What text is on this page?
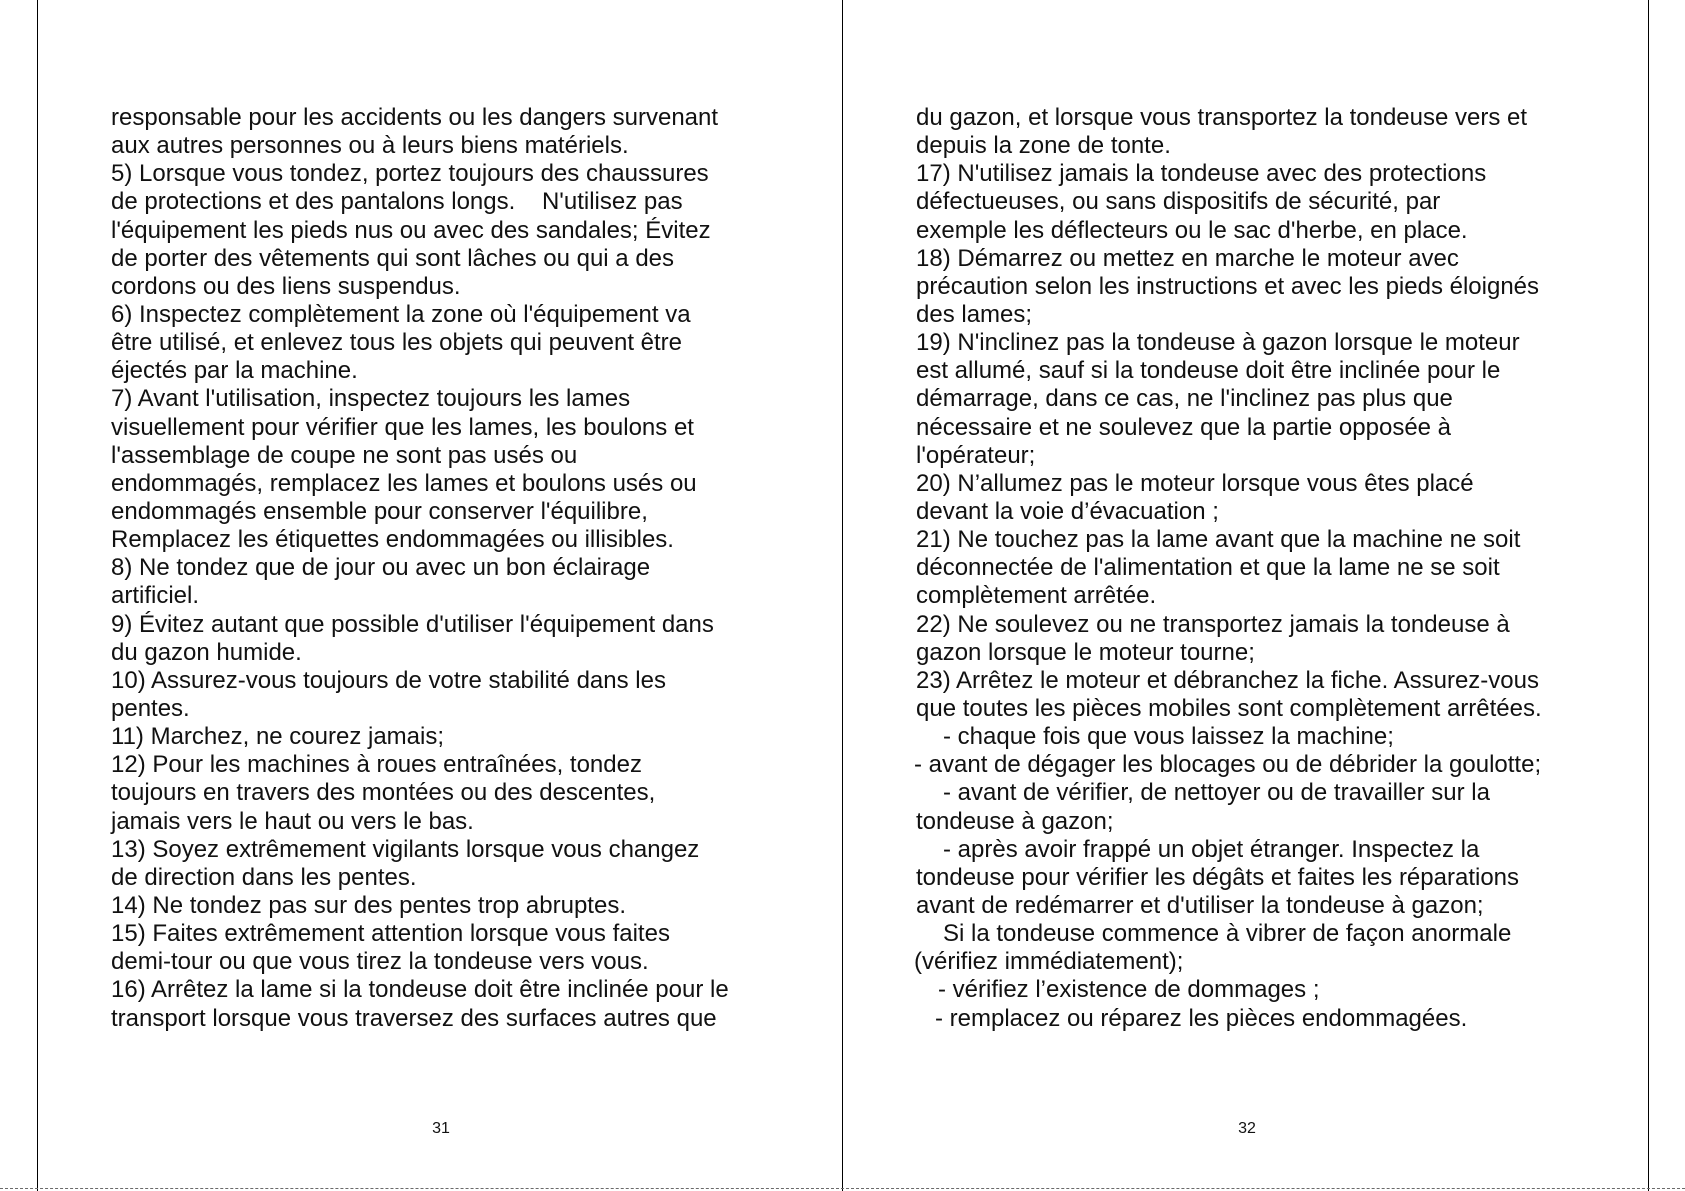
responsable pour les accidents ou les dangers survenant
aux autres personnes ou à leurs biens matériels.
5) Lorsque vous tondez, portez toujours des chaussures
de protections et des pantalons longs.    N'utilisez pas
l'équipement les pieds nus ou avec des sandales; Évitez
de porter des vêtements qui sont lâches ou qui a des
cordons ou des liens suspendus.
6) Inspectez complètement la zone où l'équipement va
être utilisé, et enlevez tous les objets qui peuvent être
éjectés par la machine.
7) Avant l'utilisation, inspectez toujours les lames
visuellement pour vérifier que les lames, les boulons et
l'assemblage de coupe ne sont pas usés ou
endommagés, remplacez les lames et boulons usés ou
endommagés ensemble pour conserver l'équilibre,
Remplacez les étiquettes endommagées ou illisibles.
8) Ne tondez que de jour ou avec un bon éclairage
artificiel.
9) Évitez autant que possible d'utiliser l'équipement dans
du gazon humide.
10) Assurez-vous toujours de votre stabilité dans les
pentes.
11) Marchez, ne courez jamais;
12) Pour les machines à roues entraînées, tondez
toujours en travers des montées ou des descentes,
jamais vers le haut ou vers le bas.
13) Soyez extrêmement vigilants lorsque vous changez
de direction dans les pentes.
14) Ne tondez pas sur des pentes trop abruptes.
15) Faites extrêmement attention lorsque vous faites
demi-tour ou que vous tirez la tondeuse vers vous.
16) Arrêtez la lame si la tondeuse doit être inclinée pour le
transport lorsque vous traversez des surfaces autres que
du gazon, et lorsque vous transportez la tondeuse vers et
depuis la zone de tonte.
17) N'utilisez jamais la tondeuse avec des protections
défectueuses, ou sans dispositifs de sécurité, par
exemple les déflecteurs ou le sac d'herbe, en place.
18) Démarrez ou mettez en marche le moteur avec
précaution selon les instructions et avec les pieds éloignés
des lames;
19) N'inclinez pas la tondeuse à gazon lorsque le moteur
est allumé, sauf si la tondeuse doit être inclinée pour le
démarrage, dans ce cas, ne l'inclinez pas plus que
nécessaire et ne soulevez que la partie opposée à
l'opérateur;
20) N’allumez pas le moteur lorsque vous êtes placé
devant la voie d’évacuation ;
21) Ne touchez pas la lame avant que la machine ne soit
déconnectée de l'alimentation et que la lame ne se soit
complètement arrêtée.
22) Ne soulevez ou ne transportez jamais la tondeuse à
gazon lorsque le moteur tourne;
23) Arrêtez le moteur et débranchez la fiche. Assurez-vous
que toutes les pièces mobiles sont complètement arrêtées.
- chaque fois que vous laissez la machine;
- avant de dégager les blocages ou de débrider la goulotte;
- avant de vérifier, de nettoyer ou de travailler sur la
tondeuse à gazon;
- après avoir frappé un objet étranger. Inspectez la
tondeuse pour vérifier les dégâts et faites les réparations
avant de redémarrer et d'utiliser la tondeuse à gazon;
Si la tondeuse commence à vibrer de façon anormale
(vérifiez immédiatement);
- vérifiez l’existence de dommages ;
- remplacez ou réparez les pièces endommagées.
31	32
